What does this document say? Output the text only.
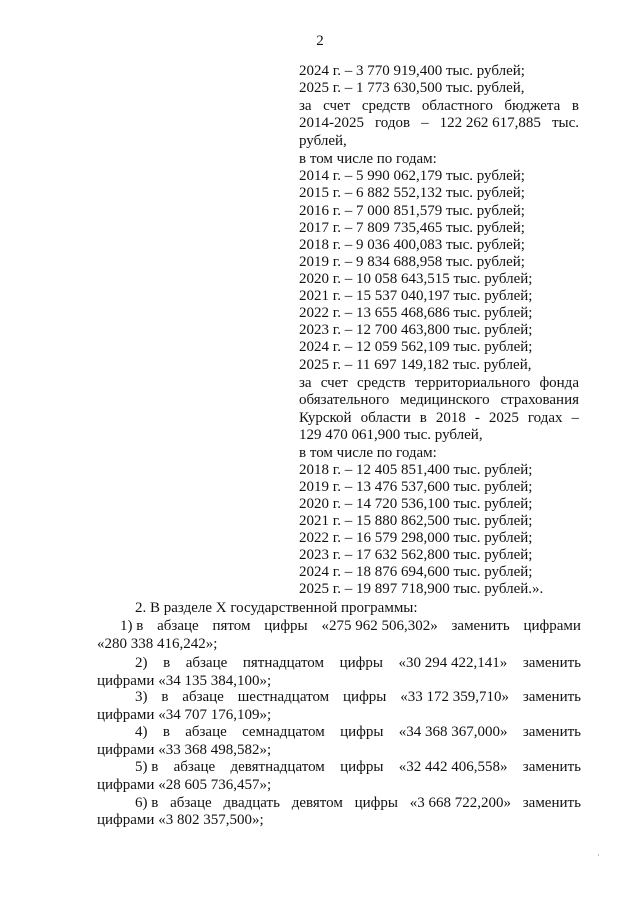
2
2024 г. – 3 770 919,400 тыс. рублей;
2025 г. – 1 773 630,500 тыс. рублей,
за счет средств областного бюджета в
2014-2025 годов – 122 262 617,885 тыс.
рублей,
в том числе по годам:
2014 г. – 5 990 062,179 тыс. рублей;
2015 г. – 6 882 552,132 тыс. рублей;
2016 г. – 7 000 851,579 тыс. рублей;
2017 г. – 7 809 735,465 тыс. рублей;
2018 г. – 9 036 400,083 тыс. рублей;
2019 г. – 9 834 688,958 тыс. рублей;
2020 г. – 10 058 643,515 тыс. рублей;
2021 г. – 15 537 040,197 тыс. рублей;
2022 г. – 13 655 468,686 тыс. рублей;
2023 г. – 12 700 463,800 тыс. рублей;
2024 г. – 12 059 562,109 тыс. рублей;
2025 г. – 11 697 149,182 тыс. рублей,
за счет средств территориального фонда
обязательного медицинского страхования
Курской области в 2018 - 2025 годах –
129 470 061,900 тыс. рублей,
в том числе по годам:
2018 г. – 12 405 851,400 тыс. рублей;
2019 г. – 13 476 537,600 тыс. рублей;
2020 г. – 14 720 536,100 тыс. рублей;
2021 г. – 15 880 862,500 тыс. рублей;
2022 г. – 16 579 298,000 тыс. рублей;
2023 г. – 17 632 562,800 тыс. рублей;
2024 г. – 18 876 694,600 тыс. рублей;
2025 г. – 19 897 718,900 тыс. рублей.».
2. В разделе X государственной программы:
1) в абзаце пятом цифры «275 962 506,302» заменить цифрами
«280 338 416,242»;
2) в абзаце пятнадцатом цифры «30 294 422,141» заменить
цифрами «34 135 384,100»;
3) в абзаце шестнадцатом цифры «33 172 359,710» заменить
цифрами «34 707 176,109»;
4) в абзаце семнадцатом цифры «34 368 367,000» заменить
цифрами «33 368 498,582»;
5) в абзаце девятнадцатом цифры «32 442 406,558» заменить
цифрами «28 605 736,457»;
6) в абзаце двадцать девятом цифры «3 668 722,200» заменить
цифрами «3 802 357,500»;
